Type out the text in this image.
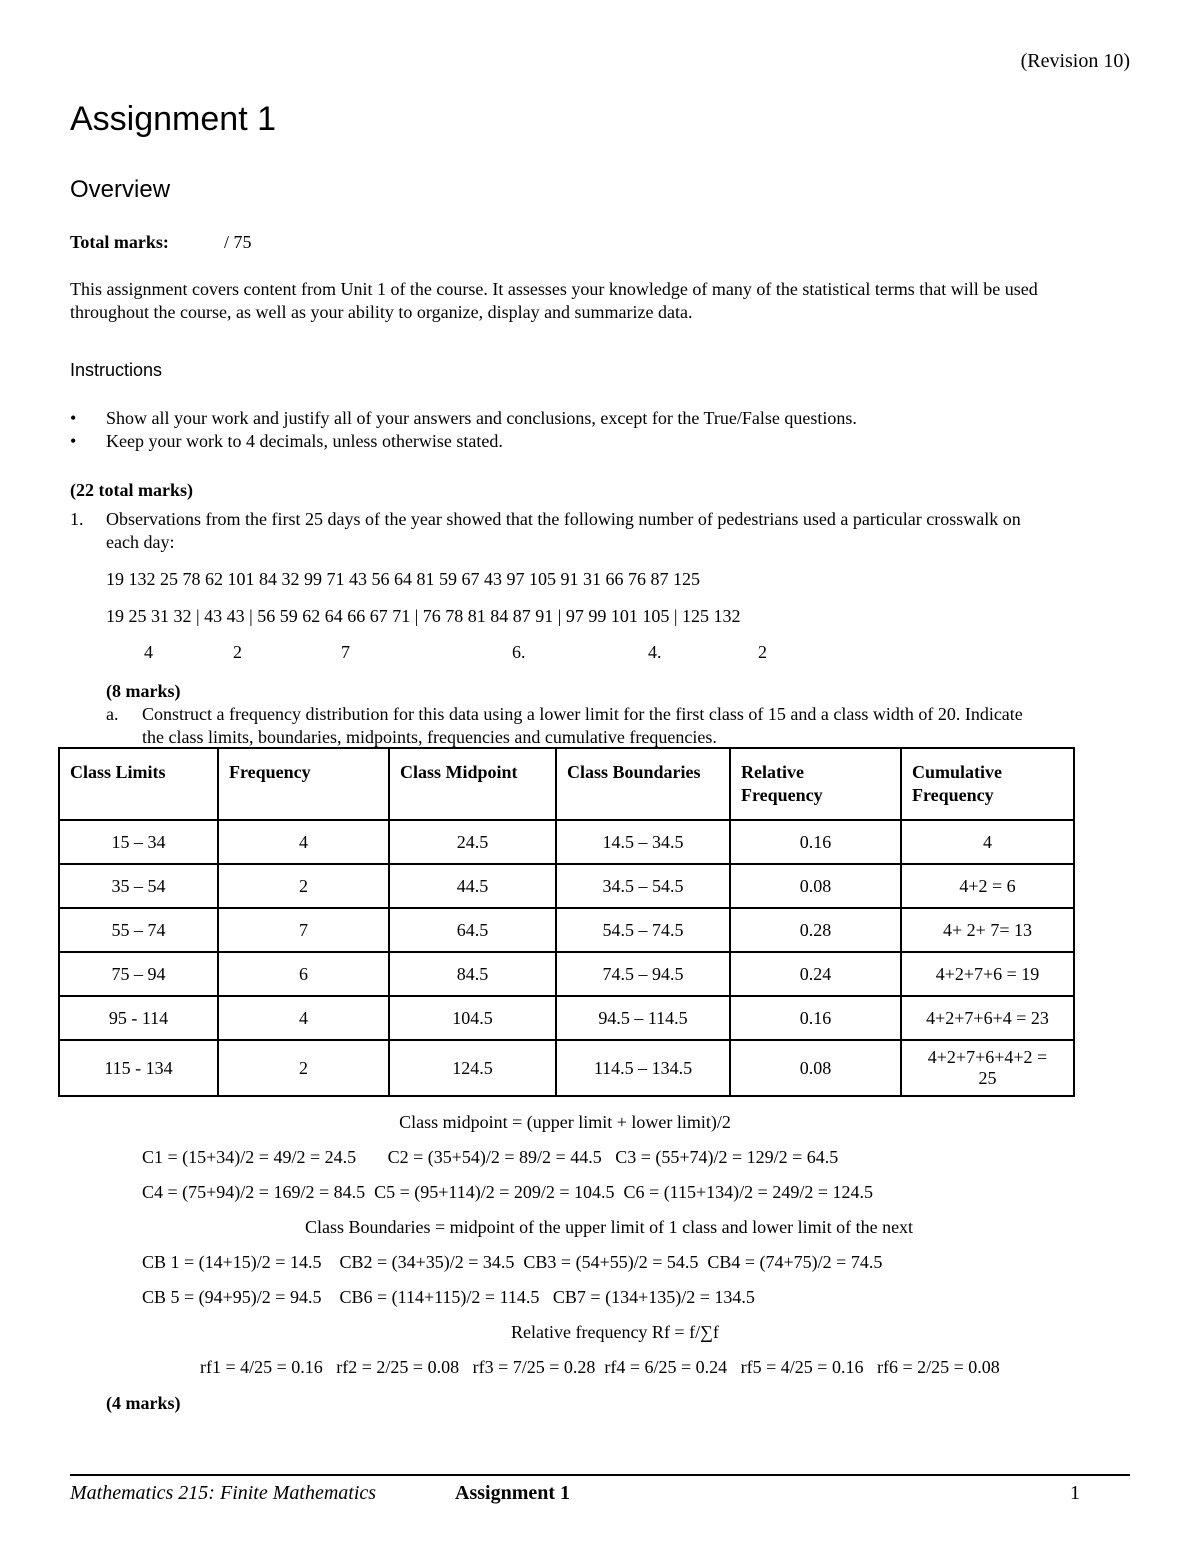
(Revision 10)
Assignment 1
Overview
Total marks:	/ 75
This assignment covers content from Unit 1 of the course. It assesses your knowledge of many of the statistical terms that will be used
throughout the course, as well as your ability to organize, display and summarize data.
Instructions
• Show all your work and justify all of your answers and conclusions, except for the True/False questions.
• Keep your work to 4 decimals, unless otherwise stated.
(22 total marks)
1. Observations from the first 25 days of the year showed that the following number of pedestrians used a particular crosswalk on
each day:
19 132 25 78 62 101 84 32 99 71 43 56 64 81 59 67 43 97 105 91 31 66 76 87 125
19 25 31 32 | 43 43 | 56 59 62 64 66 67 71 | 76 78 81 84 87 91 | 97 99 101 105 | 125 132
4	2	7	6.	4.	2
(8 marks)
a. Construct a frequency distribution for this data using a lower limit for the first class of 15 and a class width of 20. Indicate
the class limits, boundaries, midpoints, frequencies and cumulative frequencies.
Class Limits	Frequency	Class Midpoint	Class Boundaries	Relative Frequency	Cumulative Frequency
15 – 34	4	24.5	14.5 – 34.5	0.16	4
35 – 54	2	44.5	34.5 – 54.5	0.08	4+2 = 6
55 – 74	7	64.5	54.5 – 74.5	0.28	4+ 2+ 7= 13
75 – 94	6	84.5	74.5 – 94.5	0.24	4+2+7+6 = 19
95 - 114	4	104.5	94.5 – 114.5	0.16	4+2+7+6+4 = 23
115 - 134	2	124.5	114.5 – 134.5	0.08	4+2+7+6+4+2 = 25
Class midpoint = (upper limit + lower limit)/2
C1 = (15+34)/2 = 49/2 = 24.5       C2 = (35+54)/2 = 89/2 = 44.5   C3 = (55+74)/2 = 129/2 = 64.5
C4 = (75+94)/2 = 169/2 = 84.5  C5 = (95+114)/2 = 209/2 = 104.5  C6 = (115+134)/2 = 249/2 = 124.5
Class Boundaries = midpoint of the upper limit of 1 class and lower limit of the next
CB 1 = (14+15)/2 = 14.5    CB2 = (34+35)/2 = 34.5  CB3 = (54+55)/2 = 54.5  CB4 = (74+75)/2 = 74.5
CB 5 = (94+95)/2 = 94.5    CB6 = (114+115)/2 = 114.5   CB7 = (134+135)/2 = 134.5
Relative frequency Rf = f/∑f
rf1 = 4/25 = 0.16   rf2 = 2/25 = 0.08   rf3 = 7/25 = 0.28  rf4 = 6/25 = 0.24   rf5 = 4/25 = 0.16   rf6 = 2/25 = 0.08
(4 marks)
Mathematics 215: Finite Mathematics	Assignment 1	1
